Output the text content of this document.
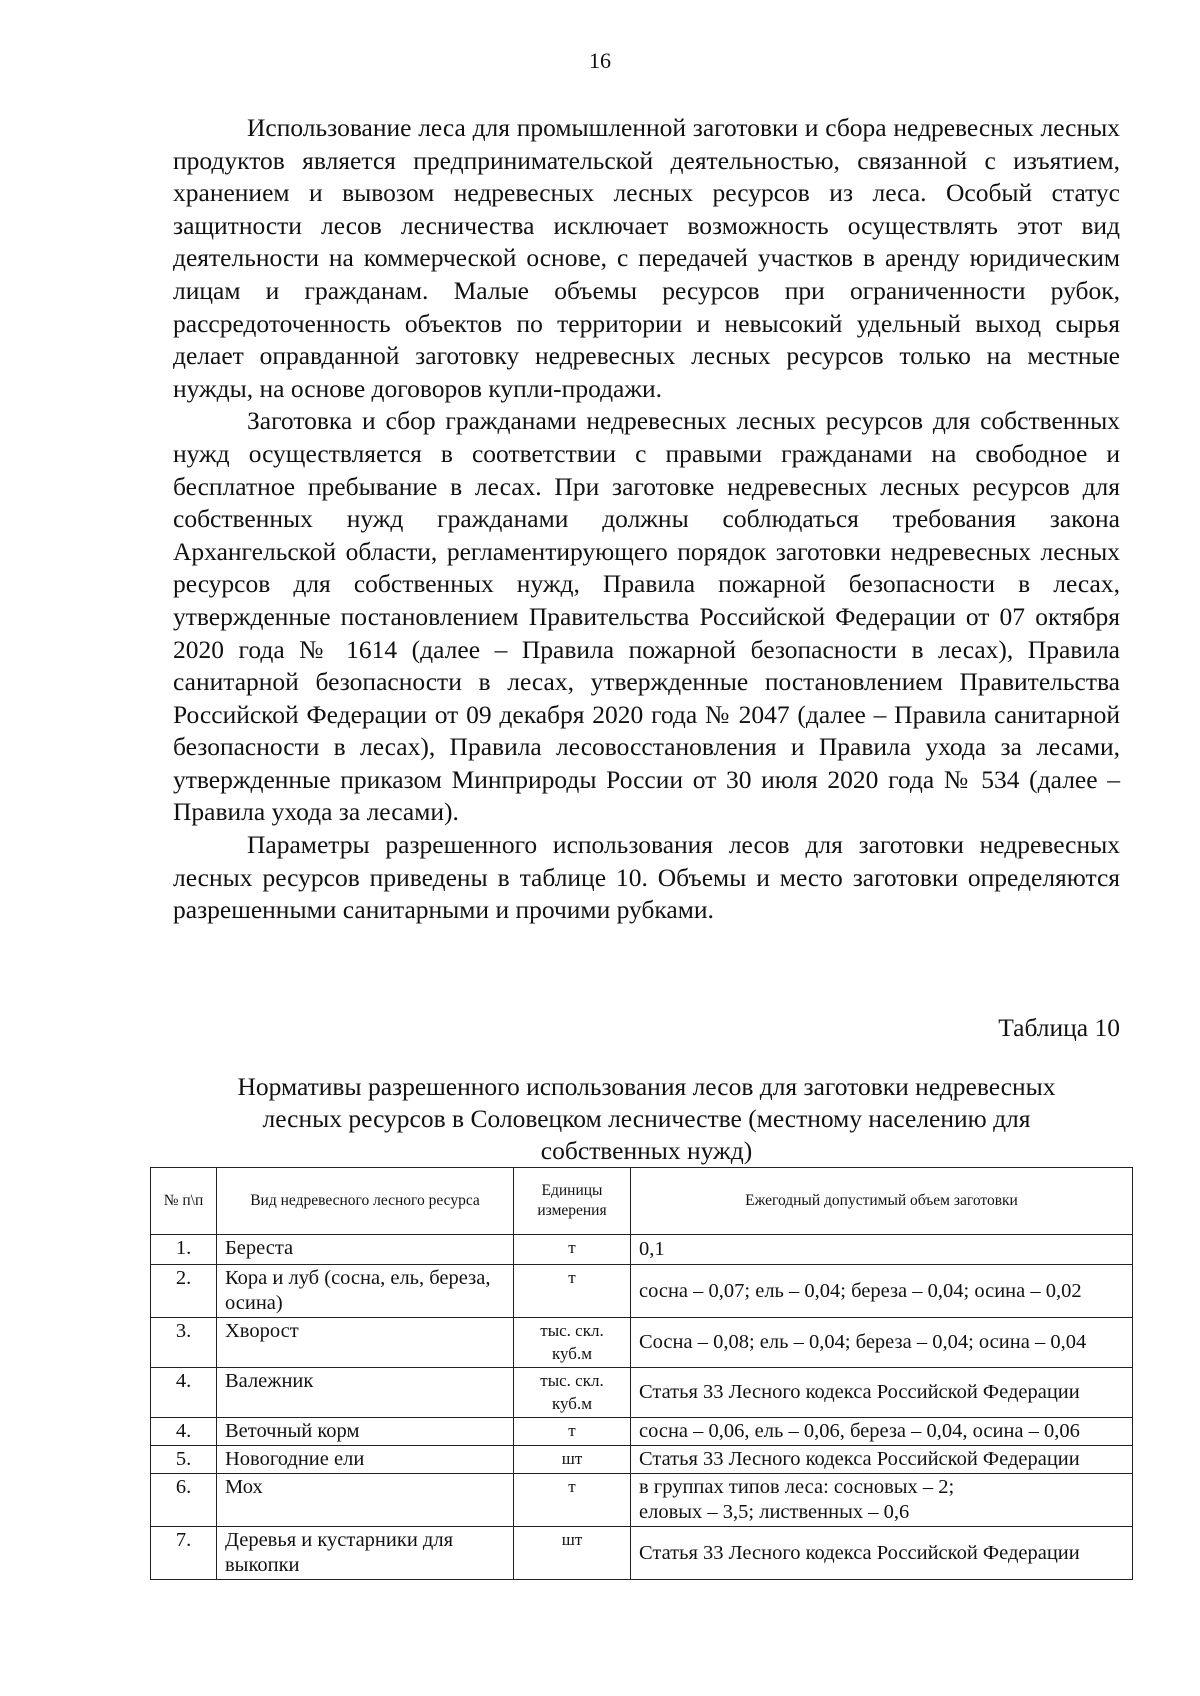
16

Использование леса для промышленной заготовки и сбора недревесных лесных продуктов является предпринимательской деятельностью, связанной с изъятием, хранением и вывозом недревесных лесных ресурсов из леса. Особый статус защитности лесов лесничества исключает возможность осуществлять этот вид деятельности на коммерческой основе, с передачей участков в аренду юридическим лицам и гражданам. Малые объемы ресурсов при ограниченности рубок, рассредоточенность объектов по территории и невысокий удельный выход сырья делает оправданной заготовку недревесных лесных ресурсов только на местные нужды, на основе договоров купли-продажи.

Заготовка и сбор гражданами недревесных лесных ресурсов для собственных нужд осуществляется в соответствии с правыми гражданами на свободное и бесплатное пребывание в лесах. При заготовке недревесных лесных ресурсов для собственных нужд гражданами должны соблюдаться требования закона Архангельской области, регламентирующего порядок заготовки недревесных лесных ресурсов для собственных нужд, Правила пожарной безопасности в лесах, утвержденные постановлением Правительства Российской Федерации от 07 октября 2020 года № 1614 (далее – Правила пожарной безопасности в лесах), Правила санитарной безопасности в лесах, утвержденные постановлением Правительства Российской Федерации от 09 декабря 2020 года № 2047 (далее – Правила санитарной безопасности в лесах), Правила лесовосстановления и Правила ухода за лесами, утвержденные приказом Минприроды России от 30 июля 2020 года № 534 (далее – Правила ухода за лесами).

Параметры разрешенного использования лесов для заготовки недревесных лесных ресурсов приведены в таблице 10. Объемы и место заготовки определяются разрешенными санитарными и прочими рубками.

Таблица 10
Нормативы разрешенного использования лесов для заготовки недревесных
лесных ресурсов в Соловецком лесничестве (местному населению для
собственных нужд)
№ п\п	Вид недревесного лесного ресурса	Единицы измерения	Ежегодный допустимый объем заготовки
1.	Береста	т	0,1
2.	Кора и луб (сосна, ель, береза, осина)	т	сосна – 0,07; ель – 0,04; береза – 0,04; осина – 0,02
3.	Хворост	тыс. скл. куб.м	Сосна – 0,08; ель – 0,04; береза – 0,04; осина – 0,04
4.	Валежник	тыс. скл. куб.м	Статья 33 Лесного кодекса Российской Федерации
4.	Веточный корм	т	сосна – 0,06, ель – 0,06, береза – 0,04, осина – 0,06
5.	Новогодние ели	шт	Статья 33 Лесного кодекса Российской Федерации
6.	Мох	т	в группах типов леса: сосновых – 2;
еловых – 3,5; лиственных – 0,6

7.	Деревья и кустарники для выкопки	шт	Статья 33 Лесного кодекса Российской Федерации
